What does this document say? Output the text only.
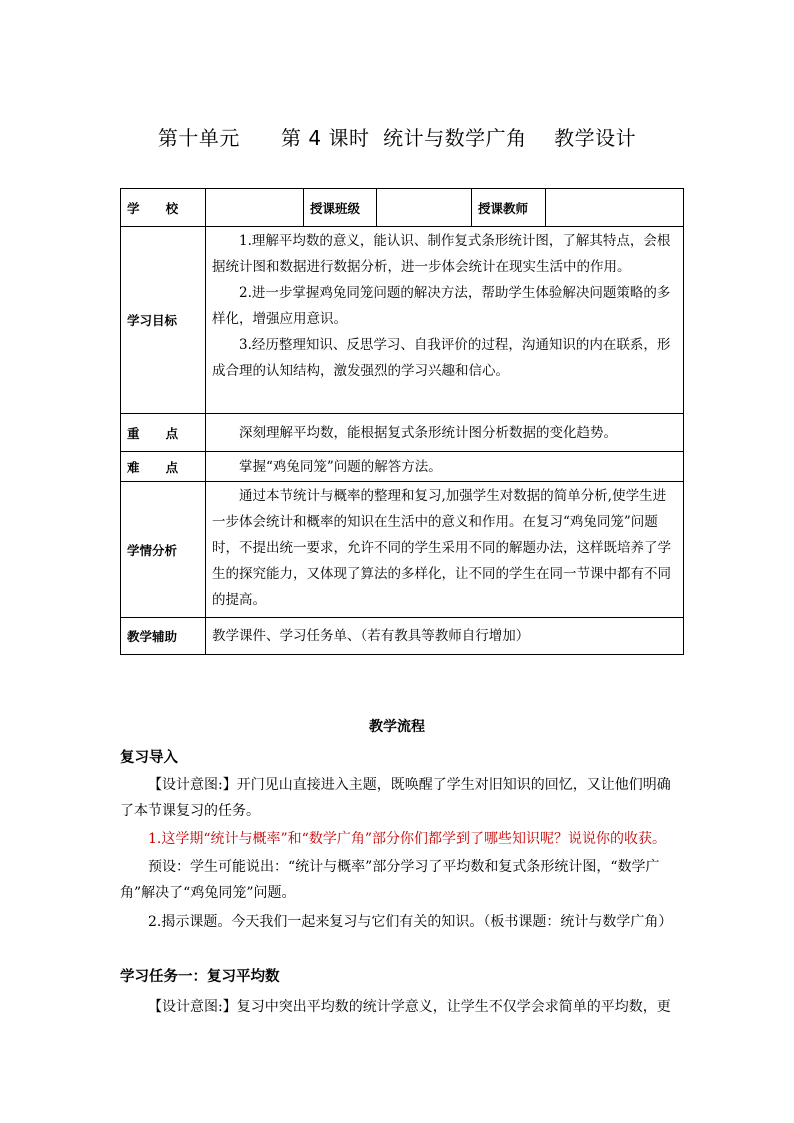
第十单元      第 4 课时  统计与数学广角    教学设计
学      校		授课班级		授课教师	
学习目标	1.理解平均数的意义，能认识、制作复式条形统计图，了解其特点，会根据统计图和数据进行数据分析，进一步体会统计在现实生活中的作用。

2.进一步掌握鸡兔同笼问题的解决方法，帮助学生体验解决问题策略的多样化，增强应用意识。

3.经历整理知识、反思学习、自我评价的过程，沟通知识的内在联系，形成合理的认知结构，激发强烈的学习兴趣和信心。				

重      点	深刻理解平均数，能根据复式条形统计图分析数据的变化趋势。				

难      点	掌握“鸡兔同笼”问题的解答方法。				

学情分析	通过本节统计与概率的整理和复习,加强学生对数据的简单分析,使学生进一步体会统计和概率的知识在生活中的意义和作用。在复习“鸡兔同笼”问题时，不提出统一要求，允许不同的学生采用不同的解题办法，这样既培养了学生的探究能力，又体现了算法的多样化，让不同的学生在同一节课中都有不同的提高。				

教学辅助	教学课件、学习任务单、（若有教具等教师自行增加）				
教学流程
复习导入

【设计意图:】开门见山直接进入主题，既唤醒了学生对旧知识的回忆，又让他们明确了本节课复习的任务。

1.这学期“统计与概率”和“数学广角”部分你们都学到了哪些知识呢？说说你的收获。

预设：学生可能说出：“统计与概率”部分学习了平均数和复式条形统计图，“数学广角”解决了“鸡兔同笼”问题。

2.揭示课题。今天我们一起来复习与它们有关的知识。（板书课题：统计与数学广角）

学习任务一：复习平均数

【设计意图:】复习中突出平均数的统计学意义，让学生不仅学会求简单的平均数，更
